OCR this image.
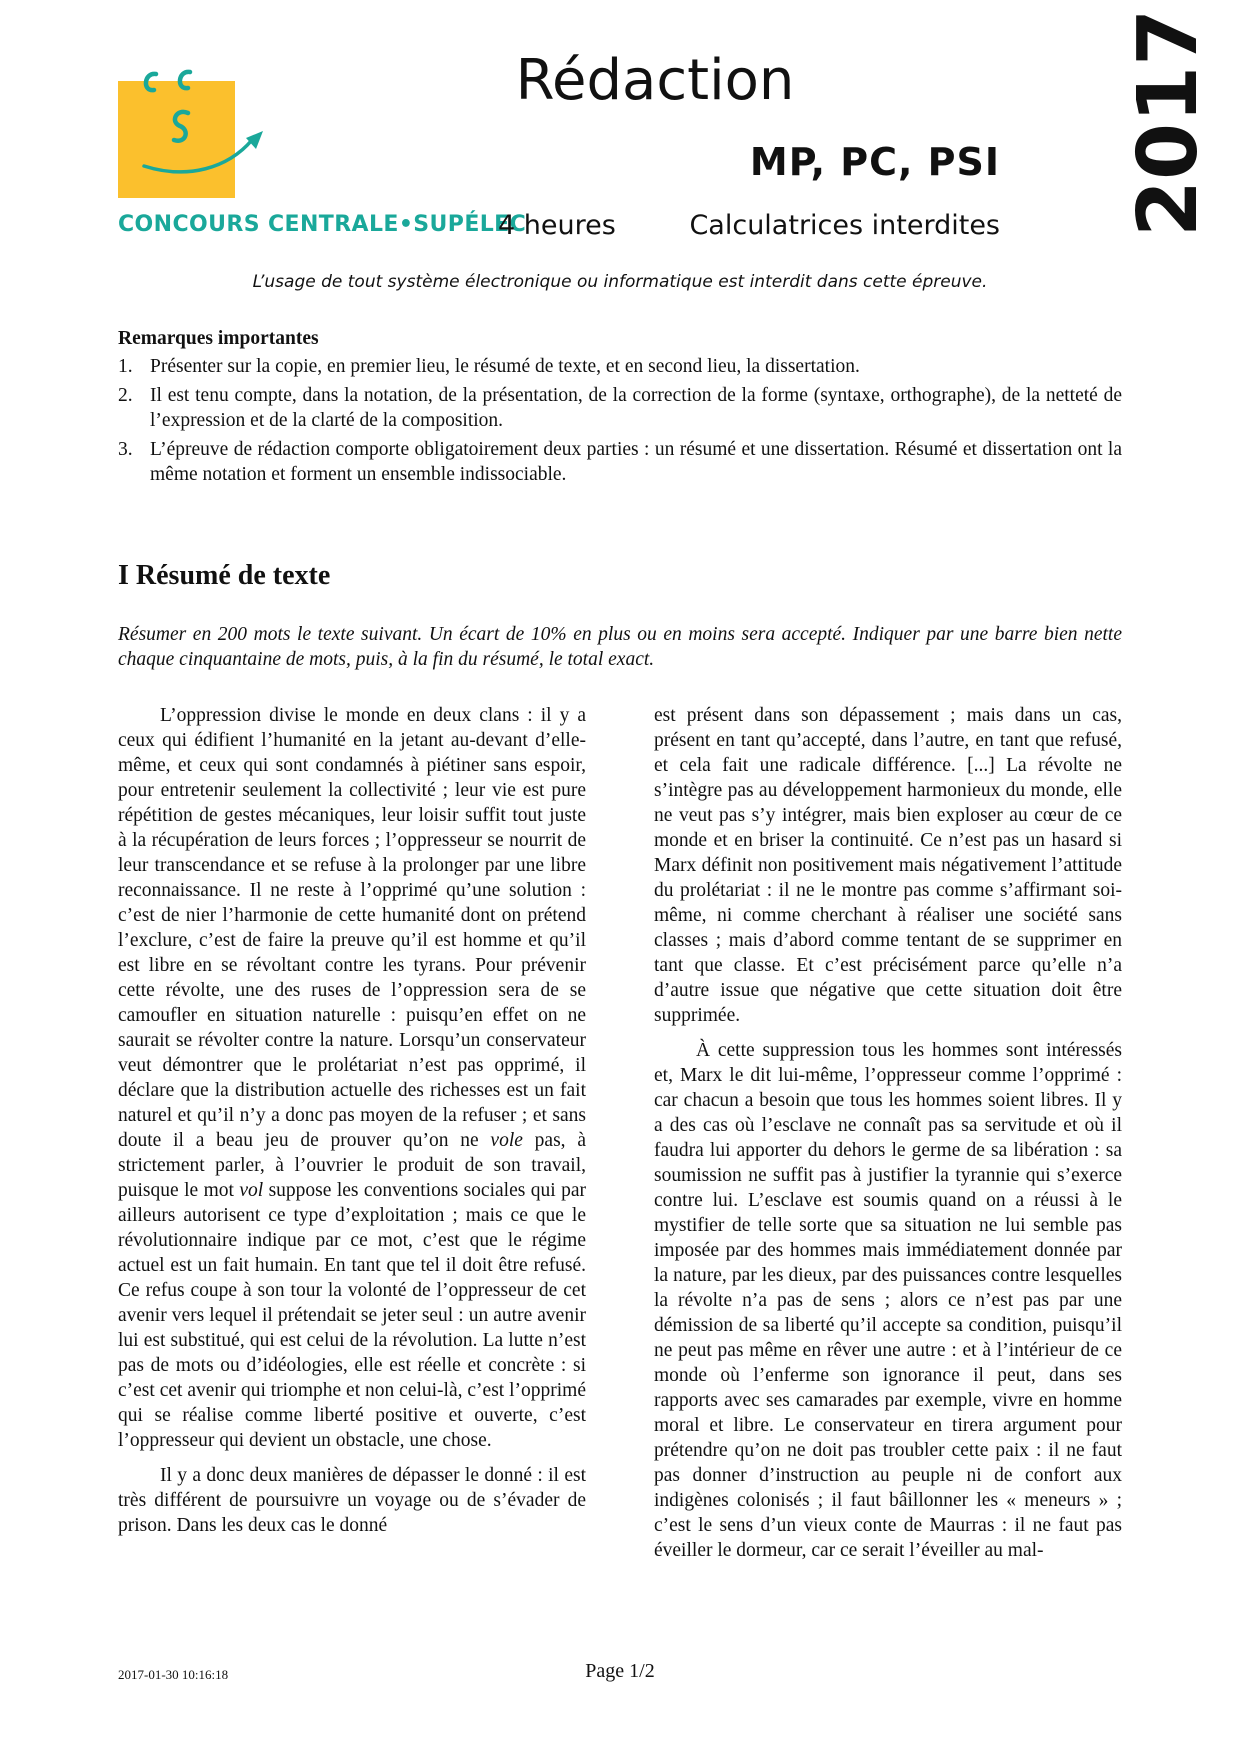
CONCOURS CENTRALE•SUPÉLEC
Rédaction
MP, PC, PSI
4 heures	Calculatrices interdites 2017
L’usage de tout système électronique ou informatique est interdit dans cette épreuve.
Remarques importantes
1. Présenter sur la copie, en premier lieu, le résumé de texte, et en second lieu, la dissertation.
2. Il est tenu compte, dans la notation, de la présentation, de la correction de la forme (syntaxe, orthographe), de la netteté de l’expression et de la clarté de la composition.
3. L’épreuve de rédaction comporte obligatoirement deux parties : un résumé et une dissertation. Résumé et dissertation ont la même notation et forment un ensemble indissociable.
I Résumé de texte
Résumer en 200 mots le texte suivant. Un écart de 10% en plus ou en moins sera accepté. Indiquer par une barre bien nette chaque cinquantaine de mots, puis, à la fin du résumé, le total exact.

L’oppression divise le monde en deux clans : il y a ceux qui édifient l’humanité en la jetant au-devant d’elle-même, et ceux qui sont condamnés à piétiner sans espoir, pour entretenir seulement la collectivité ; leur vie est pure répétition de gestes mécaniques, leur loisir suffit tout juste à la récupération de leurs forces ; l’oppresseur se nourrit de leur transcendance et se refuse à la prolonger par une libre reconnaissance. Il ne reste à l’opprimé qu’une solution : c’est de nier l’harmonie de cette humanité dont on prétend l’exclure, c’est de faire la preuve qu’il est homme et qu’il est libre en se révoltant contre les tyrans. Pour prévenir cette révolte, une des ruses de l’oppression sera de se camoufler en situation naturelle : puisqu’en effet on ne saurait se révolter contre la nature. Lorsqu’un conservateur veut démontrer que le prolétariat n’est pas opprimé, il déclare que la distribution actuelle des richesses est un fait naturel et qu’il n’y a donc pas moyen de la refuser ; et sans doute il a beau jeu de prouver qu’on ne vole pas, à strictement parler, à l’ouvrier le produit de son travail, puisque le mot vol suppose les conventions sociales qui par ailleurs autorisent ce type d’exploitation ; mais ce que le révolutionnaire indique par ce mot, c’est que le régime actuel est un fait humain. En tant que tel il doit être refusé. Ce refus coupe à son tour la volonté de l’oppresseur de cet avenir vers lequel il prétendait se jeter seul : un autre avenir lui est substitué, qui est celui de la révolution. La lutte n’est pas de mots ou d’idéologies, elle est réelle et concrète : si c’est cet avenir qui triomphe et non celui-là, c’est l’opprimé qui se réalise comme liberté positive et ouverte, c’est l’oppresseur qui devient un obstacle, une chose.

Il y a donc deux manières de dépasser le donné : il est très différent de poursuivre un voyage ou de s’évader de prison. Dans les deux cas le donné

est présent dans son dépassement ; mais dans un cas, présent en tant qu’accepté, dans l’autre, en tant que refusé, et cela fait une radicale différence. [...] La révolte ne s’intègre pas au développement harmonieux du monde, elle ne veut pas s’y intégrer, mais bien exploser au cœur de ce monde et en briser la continuité. Ce n’est pas un hasard si Marx définit non positivement mais négativement l’attitude du prolétariat : il ne le montre pas comme s’affirmant soi-même, ni comme cherchant à réaliser une société sans classes ; mais d’abord comme tentant de se supprimer en tant que classe. Et c’est précisément parce qu’elle n’a d’autre issue que négative que cette situation doit être supprimée.

À cette suppression tous les hommes sont intéressés et, Marx le dit lui-même, l’oppresseur comme l’opprimé : car chacun a besoin que tous les hommes soient libres. Il y a des cas où l’esclave ne connaît pas sa servitude et où il faudra lui apporter du dehors le germe de sa libération : sa soumission ne suffit pas à justifier la tyrannie qui s’exerce contre lui. L’esclave est soumis quand on a réussi à le mystifier de telle sorte que sa situation ne lui semble pas imposée par des hommes mais immédiatement donnée par la nature, par les dieux, par des puissances contre lesquelles la révolte n’a pas de sens ; alors ce n’est pas par une démission de sa liberté qu’il accepte sa condition, puisqu’il ne peut pas même en rêver une autre : et à l’intérieur de ce monde où l’enferme son ignorance il peut, dans ses rapports avec ses camarades par exemple, vivre en homme moral et libre. Le conservateur en tirera argument pour prétendre qu’on ne doit pas troubler cette paix : il ne faut pas donner d’instruction au peuple ni de confort aux indigènes colonisés ; il faut bâillonner les « meneurs » ; c’est le sens d’un vieux conte de Maurras : il ne faut pas éveiller le dormeur, car ce serait l’éveiller au mal-

2017-01-30 10:16:18	Page 1/2
